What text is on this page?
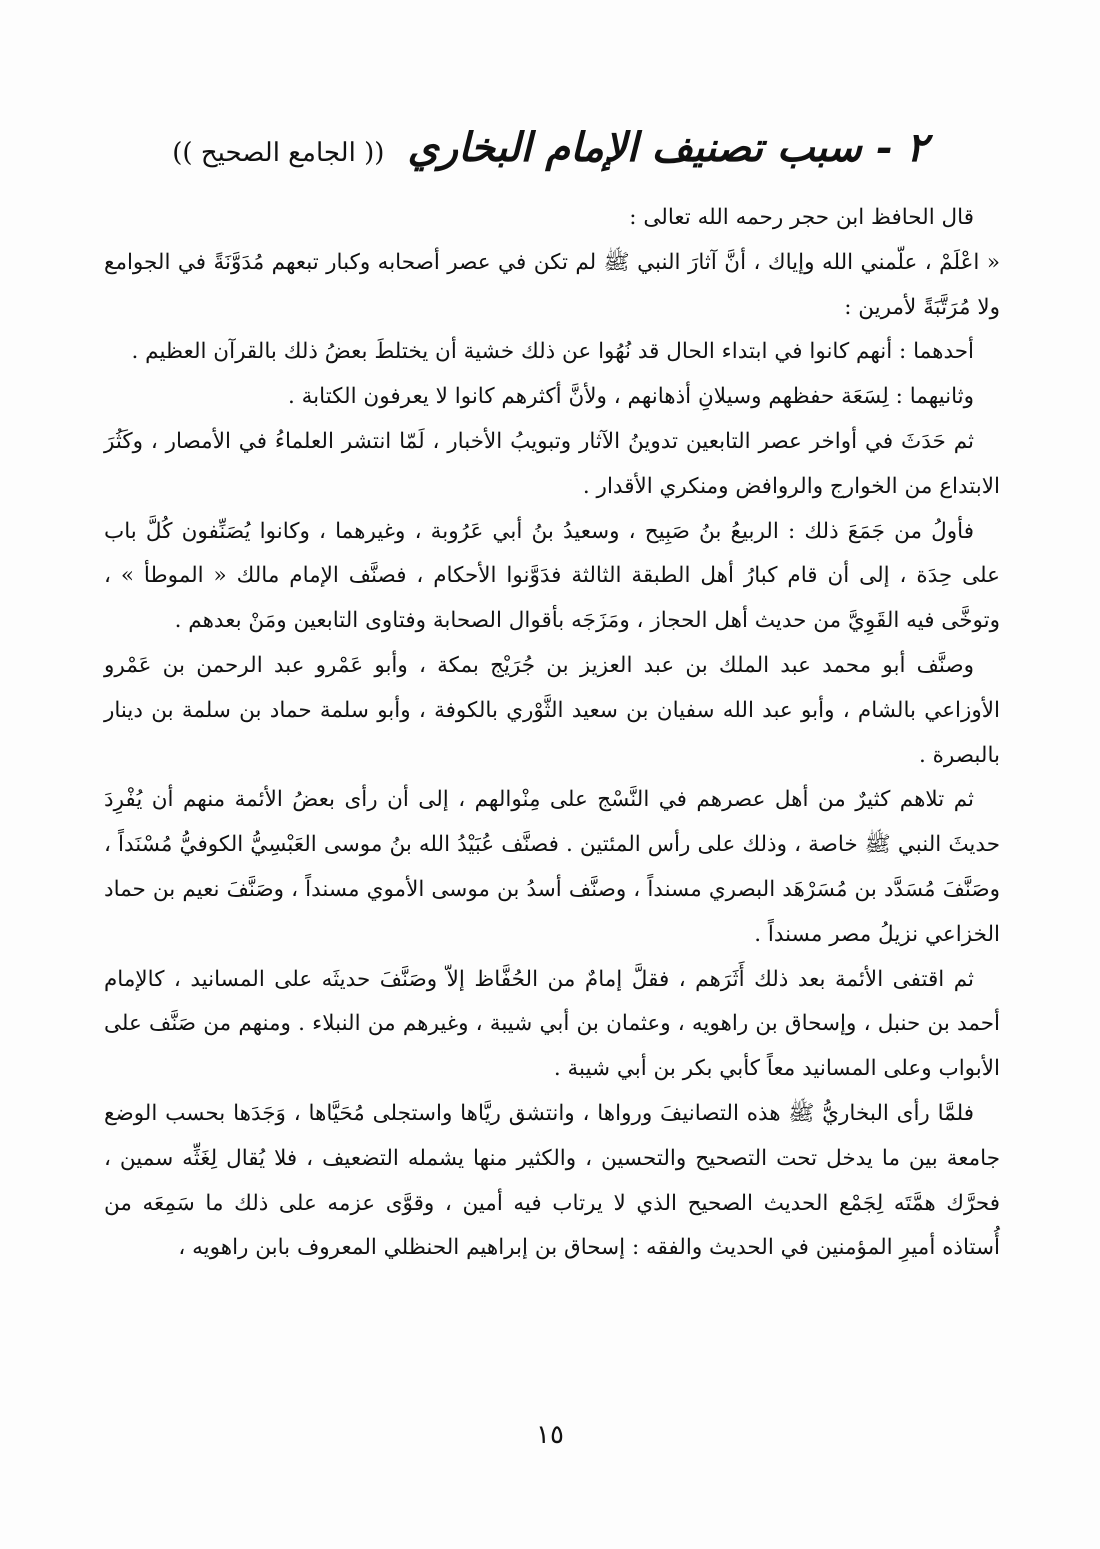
٢ - سبب تصنيف الإمام البخاري (( الجامع الصحيح ))

قال الحافظ ابن حجر رحمه الله تعالى :

« اعْلَمْ ، علّمني الله وإياك ، أنَّ آثارَ النبي ﷺ لم تكن في عصر أصحابه وكبار تبعهم مُدَوَّنَةً في الجوامع ولا مُرَتَّبَةً لأمرين :

أحدهما : أنهم كانوا في ابتداء الحال قد نُهُوا عن ذلك خشية أن يختلطَ بعضُ ذلك بالقرآن العظيم .

وثانيهما : لِسَعَة حفظهم وسيلانِ أذهانهم ، ولأنَّ أكثرهم كانوا لا يعرفون الكتابة .

ثم حَدَثَ في أواخر عصر التابعين تدوينُ الآثار وتبويبُ الأخبار ، لَمّا انتشر العلماءُ في الأمصار ، وكَثُرَ الابتداع من الخوارج والروافض ومنكري الأقدار .

فأولُ من جَمَعَ ذلك : الربيعُ بنُ صَبِيح ، وسعيدُ بنُ أبي عَرُوبة ، وغيرهما ، وكانوا يُصَنِّفون كُلَّ باب على حِدَة ، إلى أن قام كبارُ أهل الطبقة الثالثة فدَوَّنوا الأحكام ، فصنَّف الإمام مالك « الموطأ » ، وتوخَّى فيه القَوِيَّ من حديث أهل الحجاز ، ومَزَجَه بأقوال الصحابة وفتاوى التابعين ومَنْ بعدهم .

وصنَّف أبو محمد عبد الملك بن عبد العزيز بن جُرَيْج بمكة ، وأبو عَمْرو عبد الرحمن بن عَمْرو الأوزاعي بالشام ، وأبو عبد الله سفيان بن سعيد الثَّوْري بالكوفة ، وأبو سلمة حماد بن سلمة بن دينار بالبصرة .

ثم تلاهم كثيرٌ من أهل عصرهم في النَّسْج على مِنْوالهم ، إلى أن رأى بعضُ الأئمة منهم أن يُفْرِدَ حديثَ النبي ﷺ خاصة ، وذلك على رأس المئتين . فصنَّف عُبَيْدُ الله بنُ موسى العَبْسِيُّ الكوفيُّ مُسْنَداً ، وصَنَّفَ مُسَدَّد بن مُسَرْهَد البصري مسنداً ، وصنَّف أسدُ بن موسى الأموي مسنداً ، وصَنَّفَ نعيم بن حماد الخزاعي نزيلُ مصر مسنداً .

ثم اقتفى الأئمة بعد ذلك أَثَرَهم ، فقلَّ إمامٌ من الحُفَّاظ إلاّ وصَنَّفَ حديثَه على المسانيد ، كالإمام أحمد بن حنبل ، وإسحاق بن راهويه ، وعثمان بن أبي شيبة ، وغيرهم من النبلاء . ومنهم من صَنَّف على الأبواب وعلى المسانيد معاً كأبي بكر بن أبي شيبة .

فلمَّا رأى البخاريُّ ﷺ هذه التصانيفَ ورواها ، وانتشق ريَّاها واستجلى مُحَيَّاها ، وَجَدَها بحسب الوضع جامعة بين ما يدخل تحت التصحيح والتحسين ، والكثير منها يشمله التضعيف ، فلا يُقال لِغَثِّه سمين ، فحرَّك همَّتَه لِجَمْع الحديث الصحيح الذي لا يرتاب فيه أمين ، وقوَّى عزمه على ذلك ما سَمِعَه من أُستاذه أميرِ المؤمنين في الحديث والفقه : إسحاق بن إبراهيم الحنظلي المعروف بابن راهويه ،

١٥
